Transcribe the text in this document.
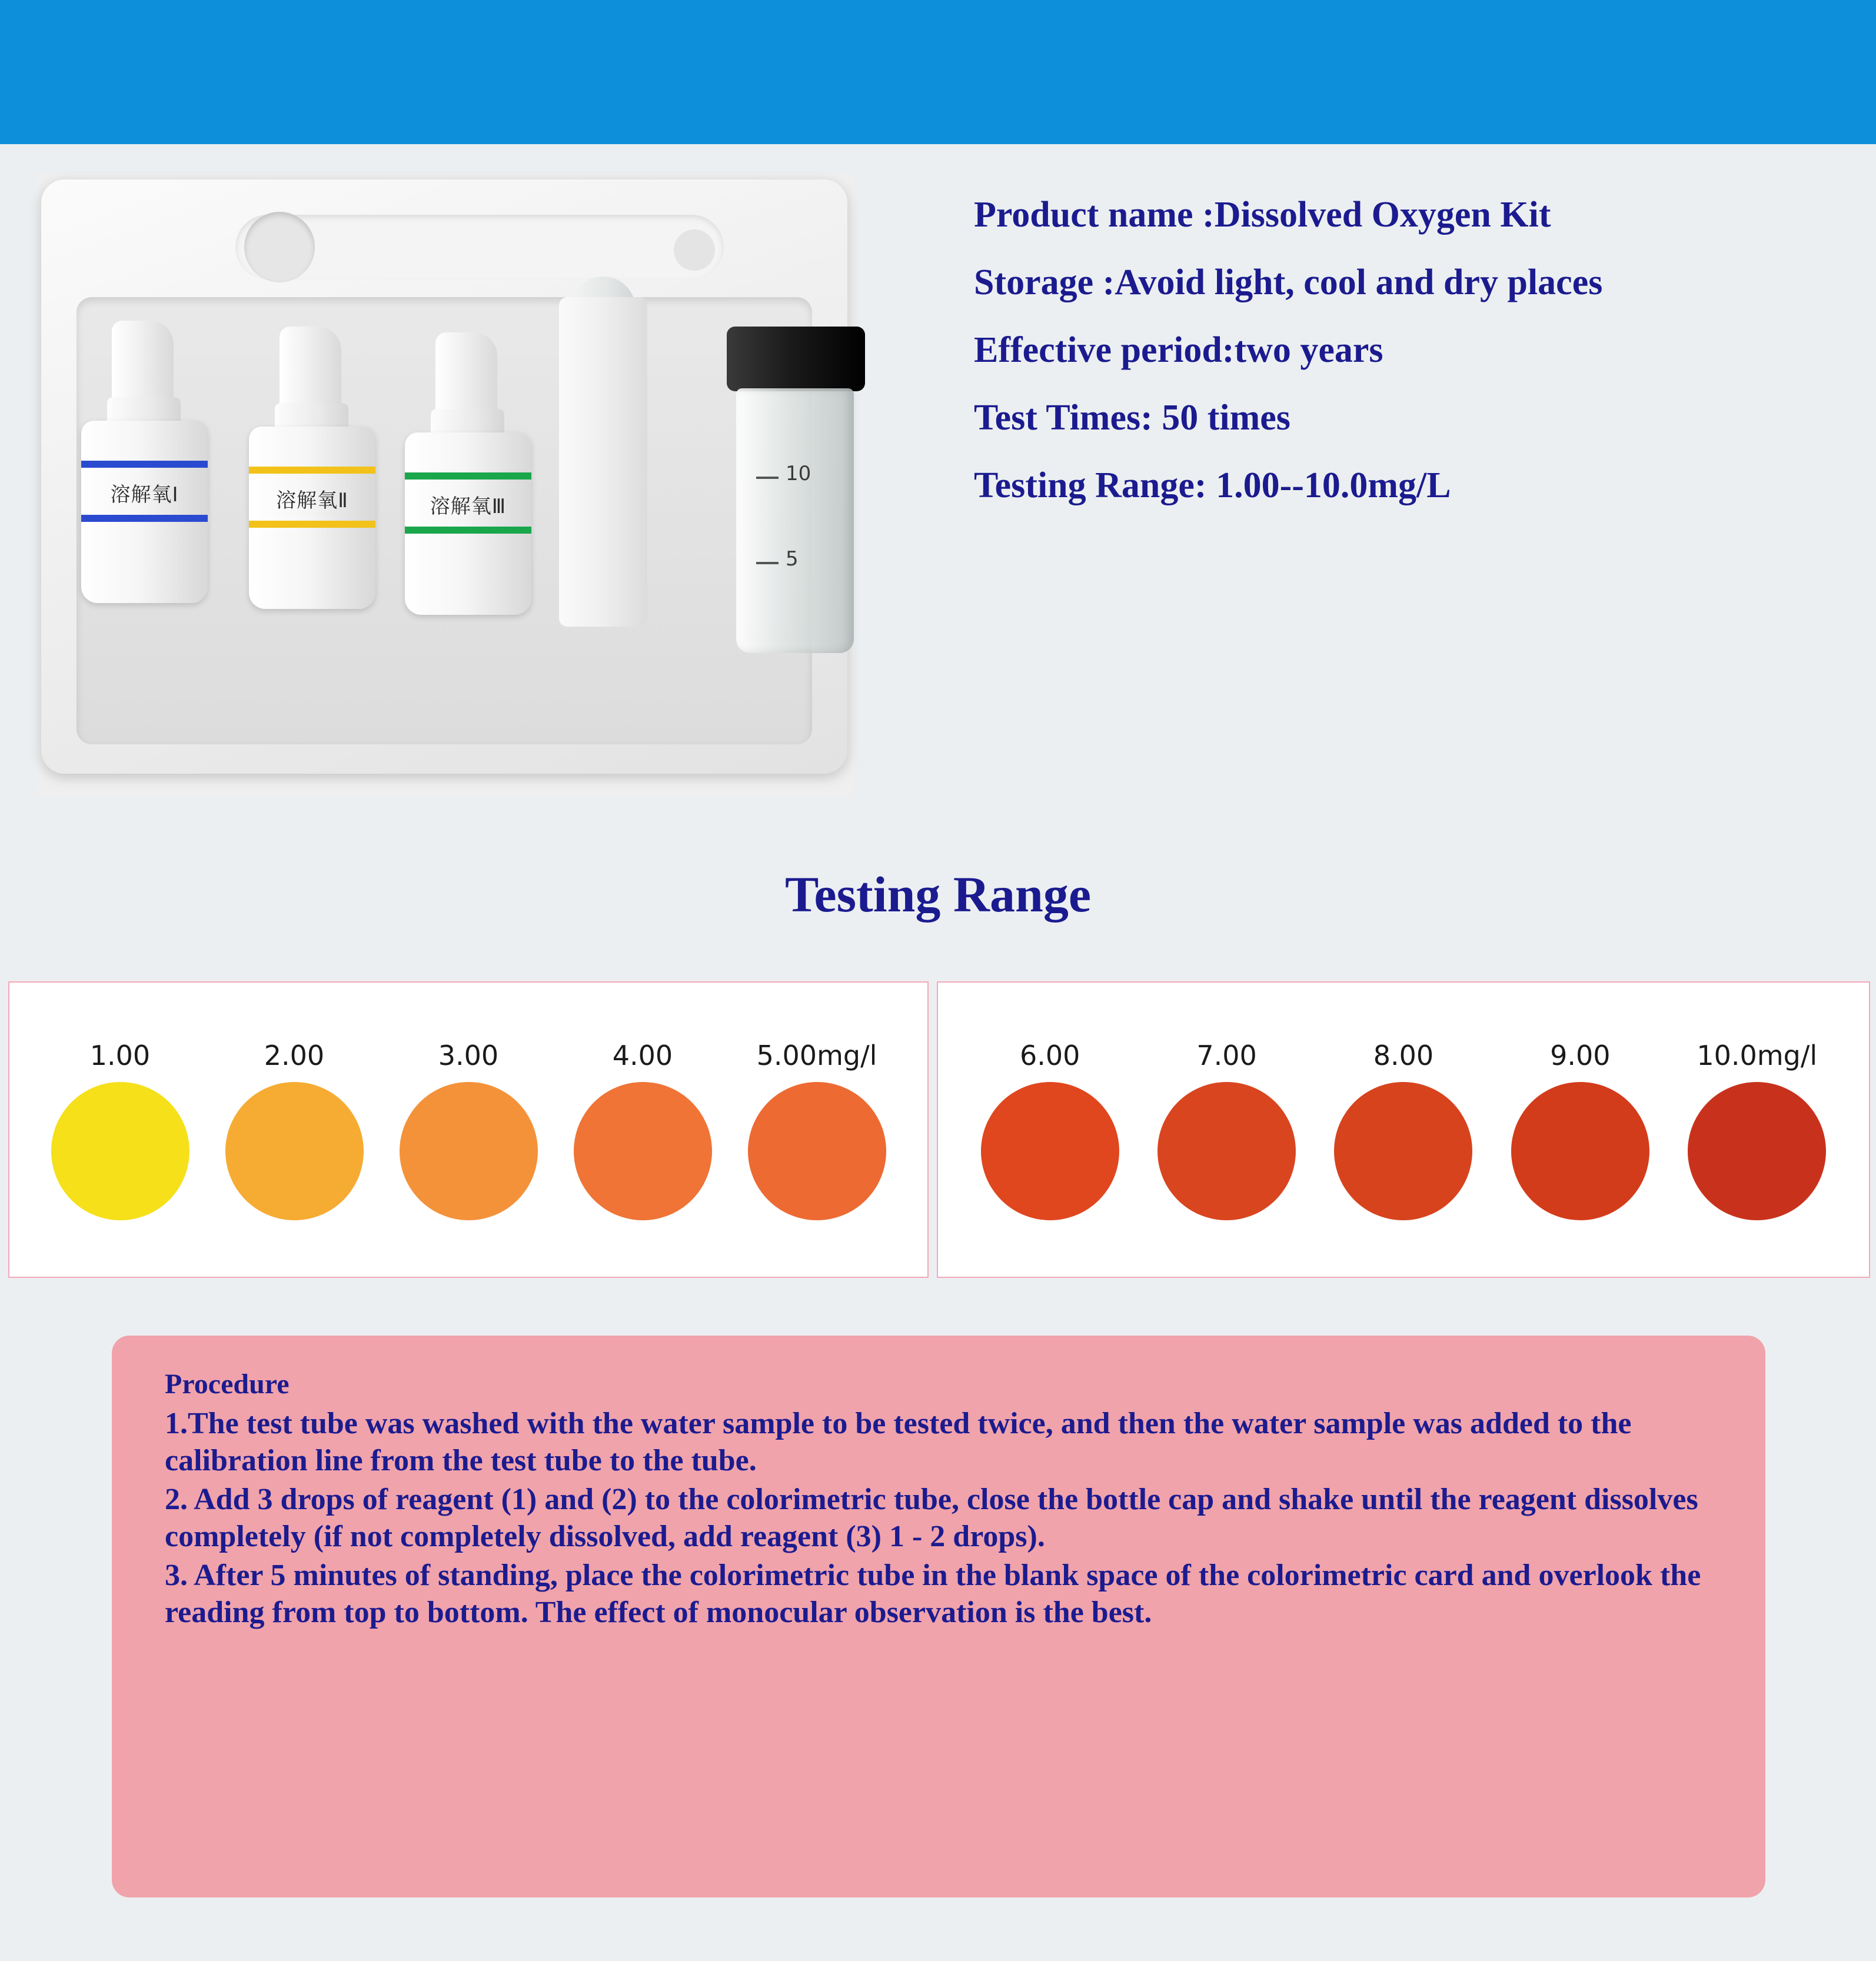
溶解氧Ⅰ	溶解氧Ⅱ	溶解氧Ⅲ
10
5
Product name :Dissolved Oxygen Kit
Storage :Avoid light, cool and dry places
Effective period:two years
Test Times: 50 times
Testing Range: 1.00--10.0mg/L
Testing Range
1.00	2.00	3.00	4.00	5.00mg/l	6.00	7.00	8.00	9.00	10.0mg/l
Procedure
1.The test tube was washed with the water sample to be tested twice, and then the water sample was added to the calibration line from the test tube to the tube.
2. Add 3 drops of reagent (1) and (2) to the colorimetric tube, close the bottle cap and shake until the reagent dissolves completely (if not completely dissolved, add reagent (3) 1 - 2 drops).
3. After 5 minutes of standing, place the colorimetric tube in the blank space of the colorimetric card and overlook the reading from top to bottom. The effect of monocular observation is the best.
